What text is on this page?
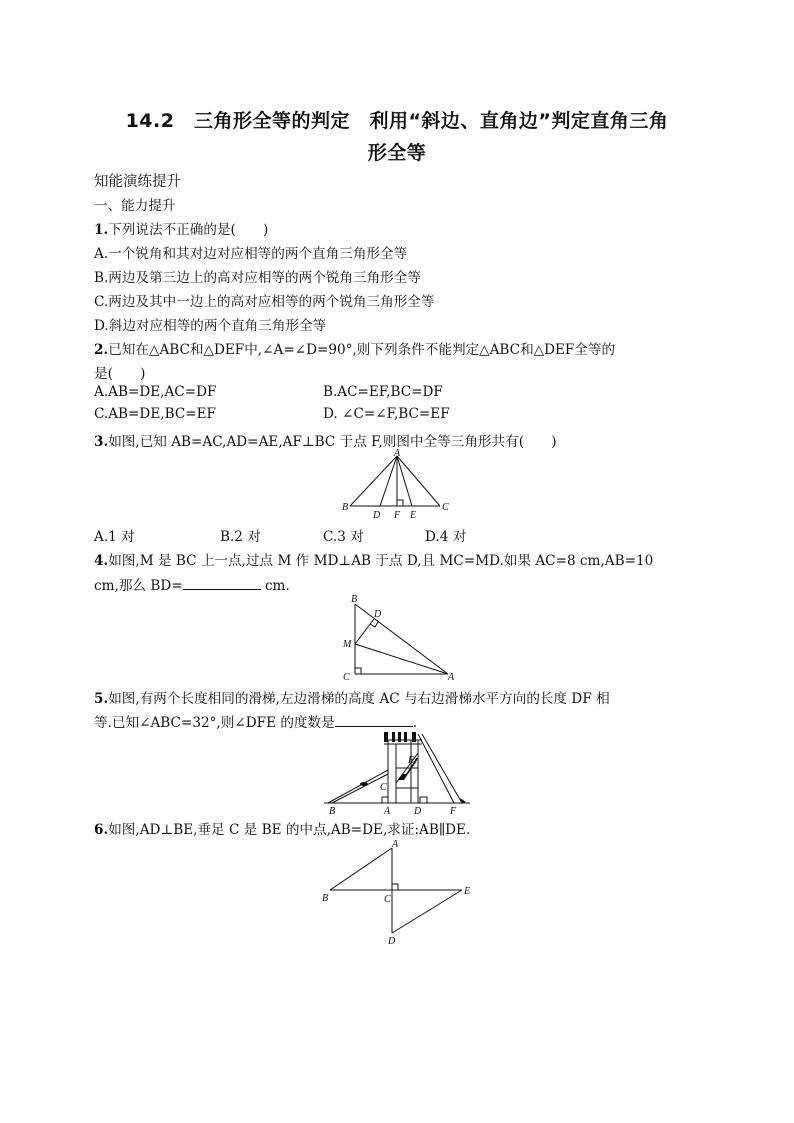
14.2　三角形全等的判定　利用“斜边、直角边”判定直角三角
形全等
知能演练提升
一、能力提升
1.下列说法不正确的是(　　)
A.一个锐角和其对边对应相等的两个直角三角形全等
B.两边及第三边上的高对应相等的两个锐角三角形全等
C.两边及其中一边上的高对应相等的两个锐角三角形全等
D.斜边对应相等的两个直角三角形全等
2.已知在△ABC和△DEF中,∠A=∠D=90°,则下列条件不能判定△ABC和△DEF全等的
是(　　)
A.AB=DE,AC=DF	B.AC=EF,BC=DF
C.AB=DE,BC=EF	D. ∠C=∠F,BC=EF
3.如图,已知 AB=AC,AD=AE,AF⊥BC 于点 F,则图中全等三角形共有(　　)
A
B	C
D F E
A.1 对	B.2 对	C.3 对	D.4 对
4.如图,M 是 BC 上一点,过点 M 作 MD⊥AB 于点 D,且 MC=MD.如果 AC=8 cm,AB=10
cm,那么 BD=	cm.
B
D
M
C	A
5.如图,有两个长度相同的滑梯,左边滑梯的高度 AC 与右边滑梯水平方向的长度 DF 相
等.已知∠ABC=32°,则∠DFE 的度数是	.
B	A
C
D
E
F
6.如图,AD⊥BE,垂足 C 是 BE 的中点,AB=DE,求证:AB∥DE.
A
B	C
D
E
